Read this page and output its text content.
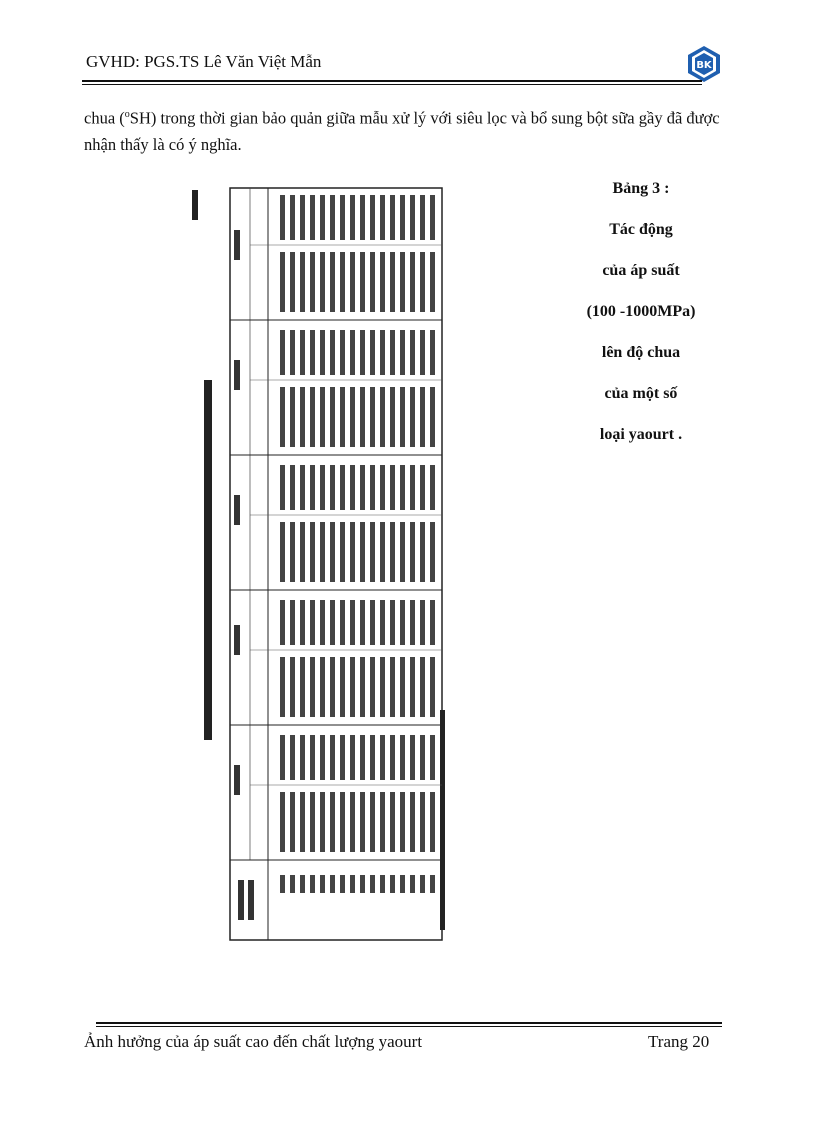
GVHD: PGS.TS Lê Văn Việt Mẫn	BK
chua ($^o$SH) trong thời gian bảo quản giữa mẫu xử lý với siêu lọc và bổ sung bột sữa gầy đã được nhận thấy là có ý nghĩa.
Bảng 3 :
Tác động
của áp suất
(100 -1000MPa)
lên độ chua
của một số
loại yaourt .
Ảnh hưởng của áp suất cao đến chất lượng yaourt	Trang 20
